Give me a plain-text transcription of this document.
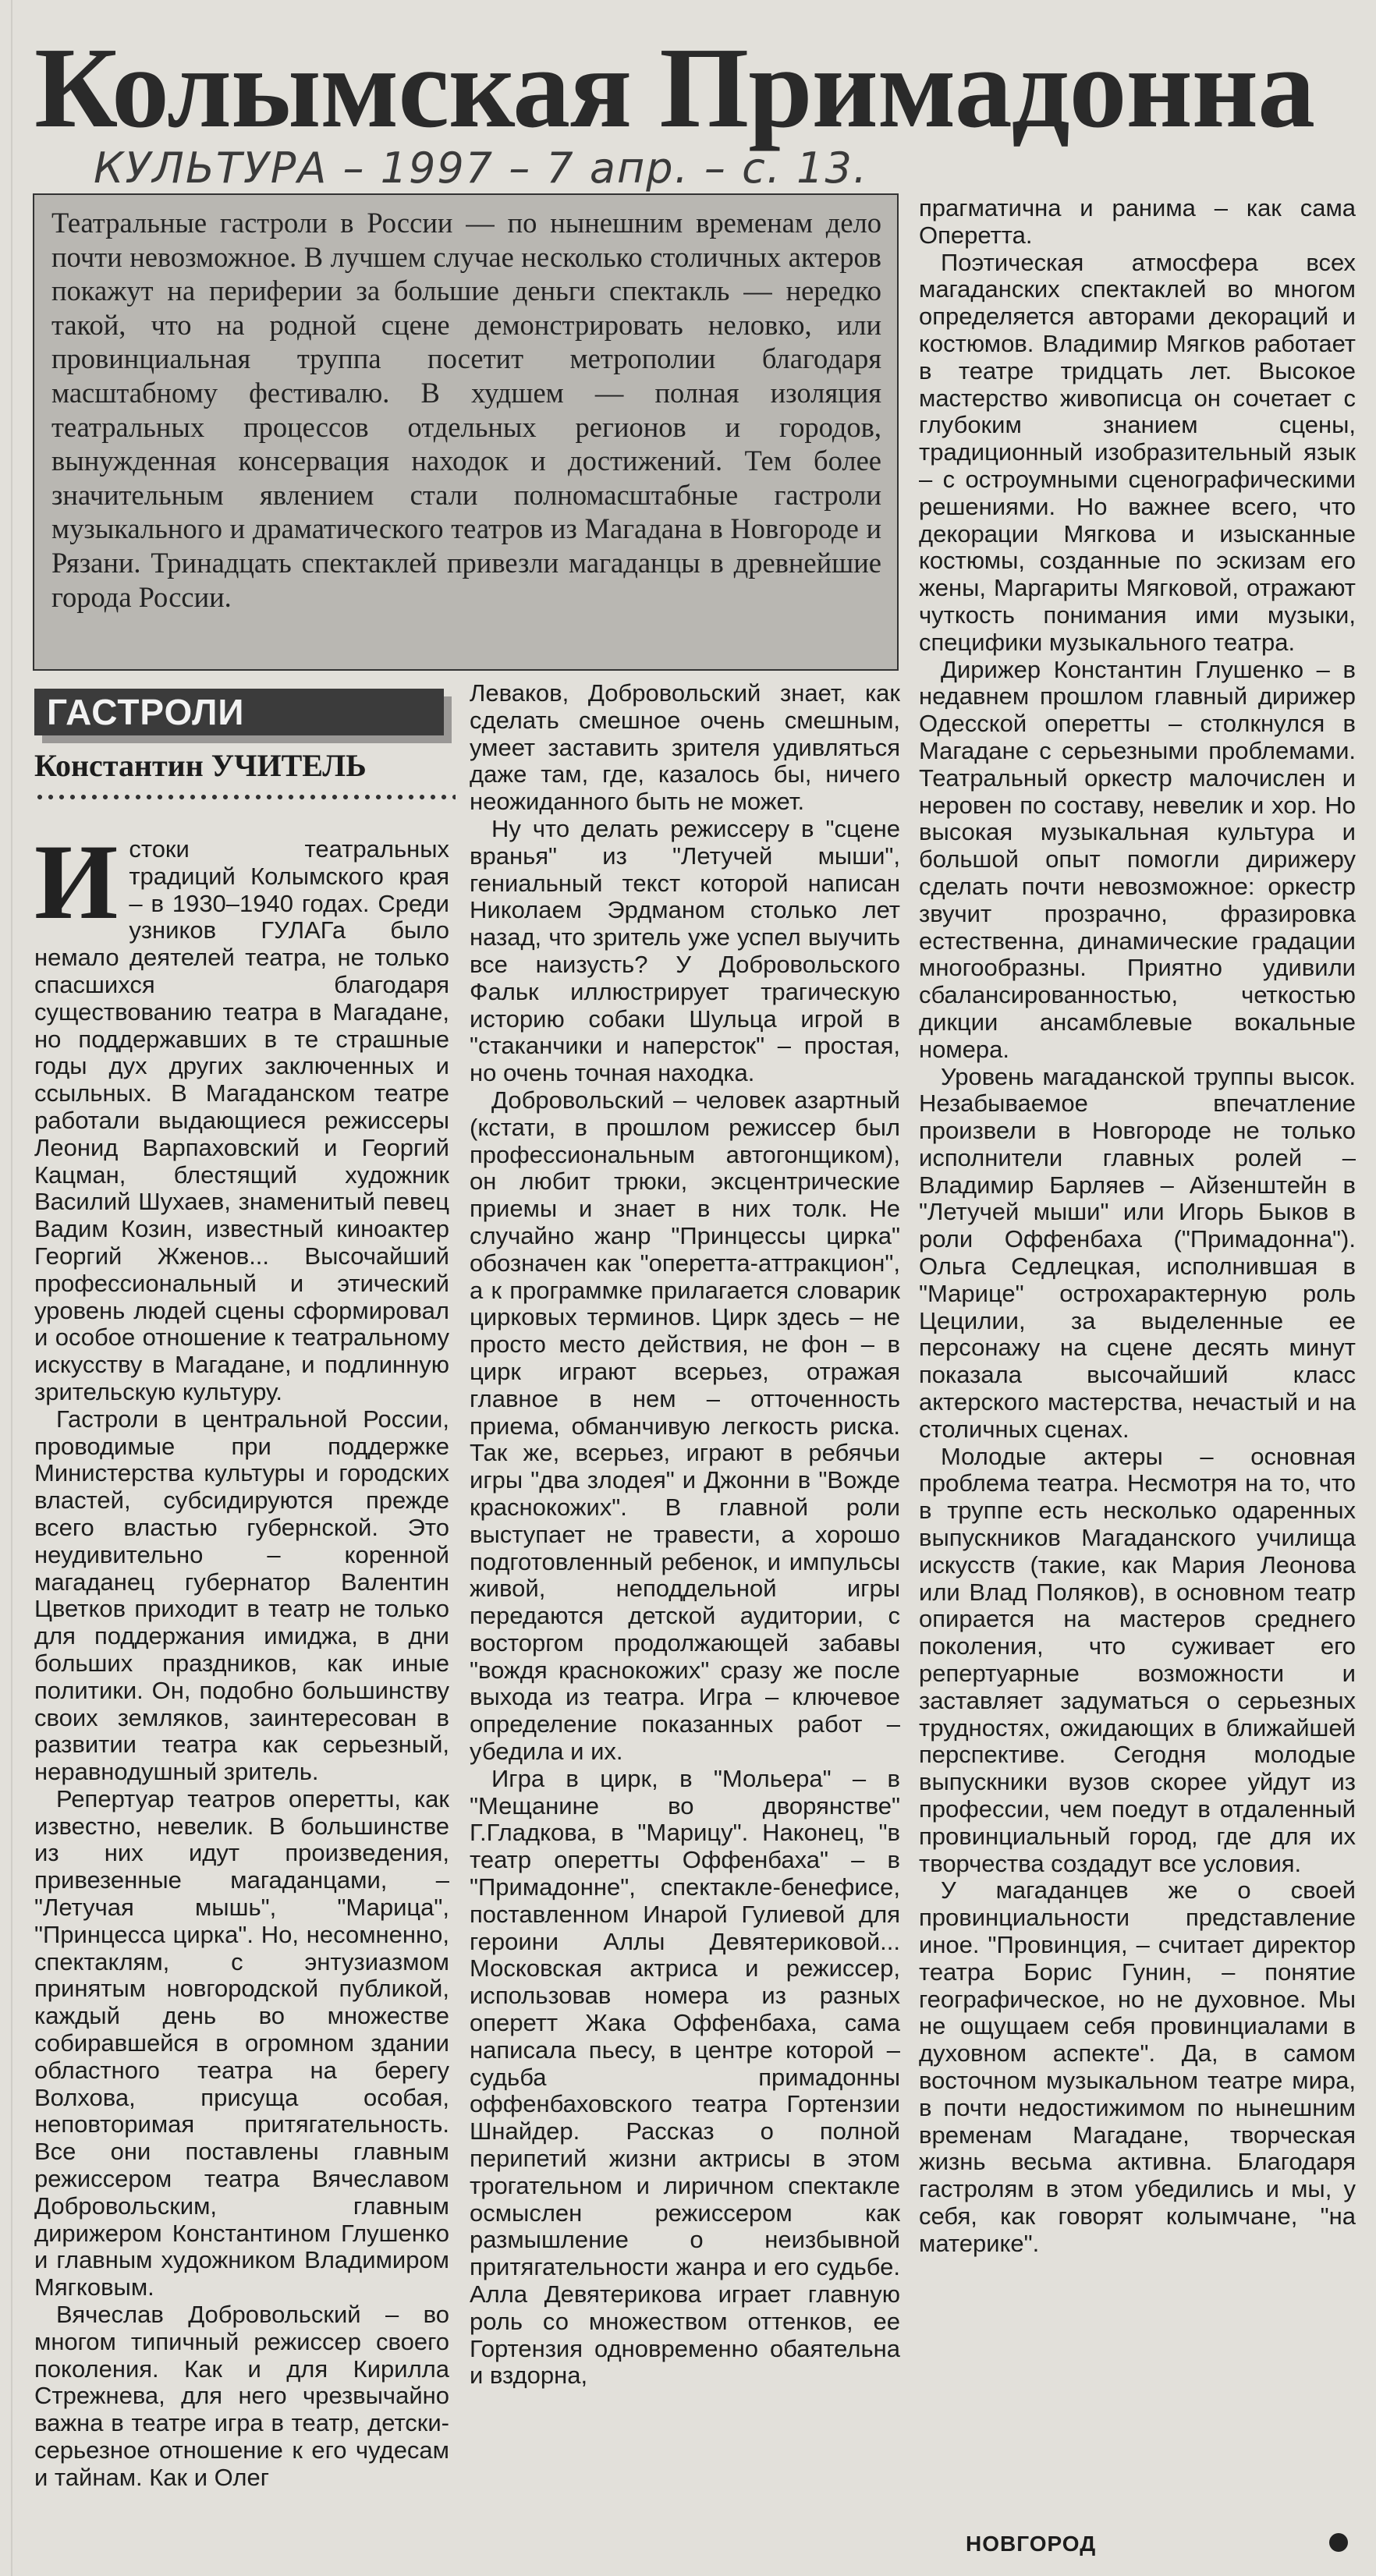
Колымская Примадонна
КУЛЬТУРА – 1997 – 7 апр. – с. 13.
Театральные гастроли в России — по нынешним временам дело почти невозможное. В лучшем случае несколько столичных актеров покажут на периферии за большие деньги спектакль — нередко такой, что на родной сцене демонстрировать неловко, или провинциальная труппа посетит метрополии благодаря масштабному фестивалю. В худшем — полная изоляция театральных процессов отдельных регионов и городов, вынужденная консервация находок и достижений. Тем более значительным явлением стали полномасштабные гастроли музыкального и драматического театров из Магадана в Новгороде и Рязани. Тринадцать спектаклей привезли магаданцы в древнейшие города России.
ГАСТРОЛИ
Константин УЧИТЕЛЬ

Истоки театральных традиций Колымского края – в 1930–1940 годах. Среди узников ГУЛАГа было немало деятелей театра, не только спасшихся благодаря существованию театра в Магадане, но поддержавших в те страшные годы дух других заключенных и ссыльных. В Магаданском театре работали выдающиеся режиссеры Леонид Варпаховский и Георгий Кацман, блестящий художник Василий Шухаев, знаменитый певец Вадим Козин, известный киноактер Георгий Жженов... Высочайший профессиональный и этический уровень людей сцены сформировал и особое отношение к театральному искусству в Магадане, и подлинную зрительскую культуру.

Гастроли в центральной России, проводимые при поддержке Министерства культуры и городских властей, субсидируются прежде всего властью губернской. Это неудивительно – коренной магаданец губернатор Валентин Цветков приходит в театр не только для поддержания имиджа, в дни больших праздников, как иные политики. Он, подобно большинству своих земляков, заинтересован в развитии театра как серьезный, неравнодушный зритель.

Репертуар театров оперетты, как известно, невелик. В большинстве из них идут произведения, привезенные магаданцами, – "Летучая мышь", "Марица", "Принцесса цирка". Но, несомненно, спектаклям, с энтузиазмом принятым новгородской публикой, каждый день во множестве собиравшейся в огромном здании областного театра на берегу Волхова, присуща особая, неповторимая притягательность. Все они поставлены главным режиссером театра Вячеславом Добровольским, главным дирижером Константином Глушенко и главным художником Владимиром Мягковым.

Вячеслав Добровольский – во многом типичный режиссер своего поколения. Как и для Кирилла Стрежнева, для него чрезвычайно важна в театре игра в театр, детски-серьезное отношение к его чудесам и тайнам. Как и Олег

Леваков, Добровольский знает, как сделать смешное очень смешным, умеет заставить зрителя удивляться даже там, где, казалось бы, ничего неожиданного быть не может.

Ну что делать режиссеру в "сцене вранья" из "Летучей мыши", гениальный текст которой написан Николаем Эрдманом столько лет назад, что зритель уже успел выучить все наизусть? У Добровольского Фальк иллюстрирует трагическую историю собаки Шульца игрой в "стаканчики и наперсток" – простая, но очень точная находка.

Добровольский – человек азартный (кстати, в прошлом режиссер был профессиональным автогонщиком), он любит трюки, эксцентрические приемы и знает в них толк. Не случайно жанр "Принцессы цирка" обозначен как "оперетта-аттракцион", а к программке прилагается словарик цирковых терминов. Цирк здесь – не просто место действия, не фон – в цирк играют всерьез, отражая главное в нем – отточенность приема, обманчивую легкость риска. Так же, всерьез, играют в ребячьи игры "два злодея" и Джонни в "Вожде краснокожих". В главной роли выступает не травести, а хорошо подготовленный ребенок, и импульсы живой, неподдельной игры передаются детской аудитории, с восторгом продолжающей забавы "вождя краснокожих" сразу же после выхода из театра. Игра – ключевое определение показанных работ – убедила и их.

Игра в цирк, в "Мольера" – в "Мещанине во дворянстве" Г.Гладкова, в "Марицу". Наконец, "в театр оперетты Оффенбаха" – в "Примадонне", спектакле-бенефисе, поставленном Инарой Гулиевой для героини Аллы Девятериковой... Московская актриса и режиссер, использовав номера из разных оперетт Жака Оффенбаха, сама написала пьесу, в центре которой – судьба примадонны оффенбаховского театра Гортензии Шнайдер. Рассказ о полной перипетий жизни актрисы в этом трогательном и лиричном спектакле осмыслен режиссером как размышление о неизбывной притягательности жанра и его судьбе. Алла Девятерикова играет главную роль со множеством оттенков, ее Гортензия одновременно обаятельна и вздорна,

прагматична и ранима – как сама Оперетта.

Поэтическая атмосфера всех магаданских спектаклей во многом определяется авторами декораций и костюмов. Владимир Мягков работает в театре тридцать лет. Высокое мастерство живописца он сочетает с глубоким знанием сцены, традиционный изобразительный язык – с остроумными сценографическими решениями. Но важнее всего, что декорации Мягкова и изысканные костюмы, созданные по эскизам его жены, Маргариты Мягковой, отражают чуткость понимания ими музыки, специфики музыкального театра.

Дирижер Константин Глушенко – в недавнем прошлом главный дирижер Одесской оперетты – столкнулся в Магадане с серьезными проблемами. Театральный оркестр малочислен и неровен по составу, невелик и хор. Но высокая музыкальная культура и большой опыт помогли дирижеру сделать почти невозможное: оркестр звучит прозрачно, фразировка естественна, динамические градации многообразны. Приятно удивили сбалансированностью, четкостью дикции ансамблевые вокальные номера.

Уровень магаданской труппы высок. Незабываемое впечатление произвели в Новгороде не только исполнители главных ролей – Владимир Барляев – Айзенштейн в "Летучей мыши" или Игорь Быков в роли Оффенбаха ("Примадонна"). Ольга Седлецкая, исполнившая в "Марице" острохарактерную роль Цецилии, за выделенные ее персонажу на сцене десять минут показала высочайший класс актерского мастерства, нечастый и на столичных сценах.

Молодые актеры – основная проблема театра. Несмотря на то, что в труппе есть несколько одаренных выпускников Магаданского училища искусств (такие, как Мария Леонова или Влад Поляков), в основном театр опирается на мастеров среднего поколения, что суживает его репертуарные возможности и заставляет задуматься о серьезных трудностях, ожидающих в ближайшей перспективе. Сегодня молодые выпускники вузов скорее уйдут из профессии, чем поедут в отдаленный провинциальный город, где для их творчества создадут все условия.

У магаданцев же о своей провинциальности представление иное. "Провинция, – считает директор театра Борис Гунин, – понятие географическое, но не духовное. Мы не ощущаем себя провинциалами в духовном аспекте". Да, в самом восточном музыкальном театре мира, в почти недостижимом по нынешним временам Магадане, творческая жизнь весьма активна. Благодаря гастролям в этом убедились и мы, у себя, как говорят колымчане, "на материке".

НОВГОРОД
